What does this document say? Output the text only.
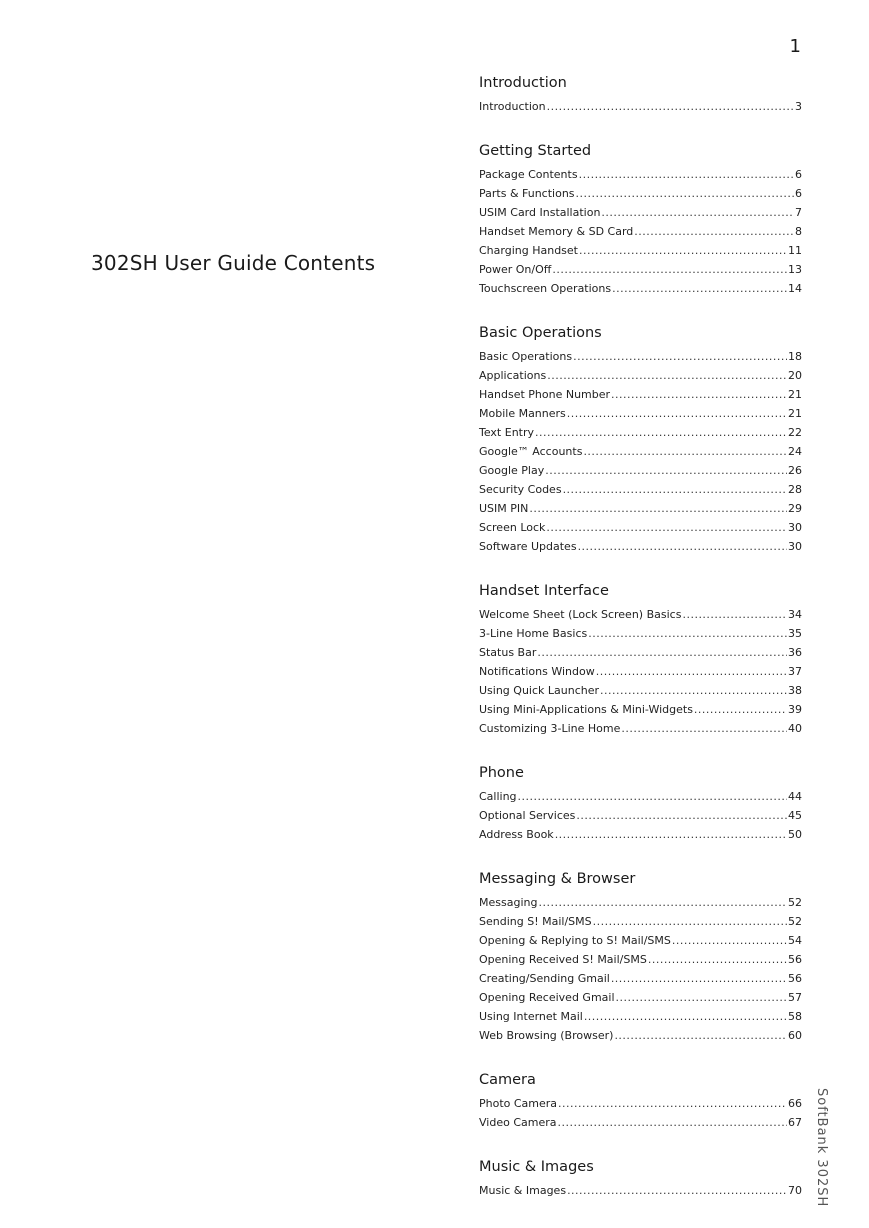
1
302SH User Guide Contents
Introduction
Introduction .....	3
Getting Started
Package Contents .....	6
Parts & Functions .....	6
USIM Card Installation .....	7
Handset Memory & SD Card .....	8
Charging Handset .....	11
Power On/Off .....	13
Touchscreen Operations .....	14
Basic Operations
Basic Operations .....	18
Applications .....	20
Handset Phone Number .....	21
Mobile Manners .....	21
Text Entry .....	22
Google™ Accounts .....	24
Google Play .....	26
Security Codes .....	28
USIM PIN .....	29
Screen Lock .....	30
Software Updates .....	30
Handset Interface
Welcome Sheet (Lock Screen) Basics .....	34
3-Line Home Basics .....	35
Status Bar .....	36
Notifications Window .....	37
Using Quick Launcher .....	38
Using Mini-Applications & Mini-Widgets .....	39
Customizing 3-Line Home .....	40
Phone
Calling .....	44
Optional Services .....	45
Address Book .....	50
Messaging & Browser
Messaging .....	52
Sending S! Mail/SMS .....	52
Opening & Replying to S! Mail/SMS .....	54
Opening Received S! Mail/SMS .....	56
Creating/Sending Gmail .....	56
Opening Received Gmail .....	57
Using Internet Mail .....	58
Web Browsing (Browser) .....	60
Camera
Photo Camera .....	66
Video Camera .....	67
Music & Images
Music & Images .....	70 SoftBank 302SH
